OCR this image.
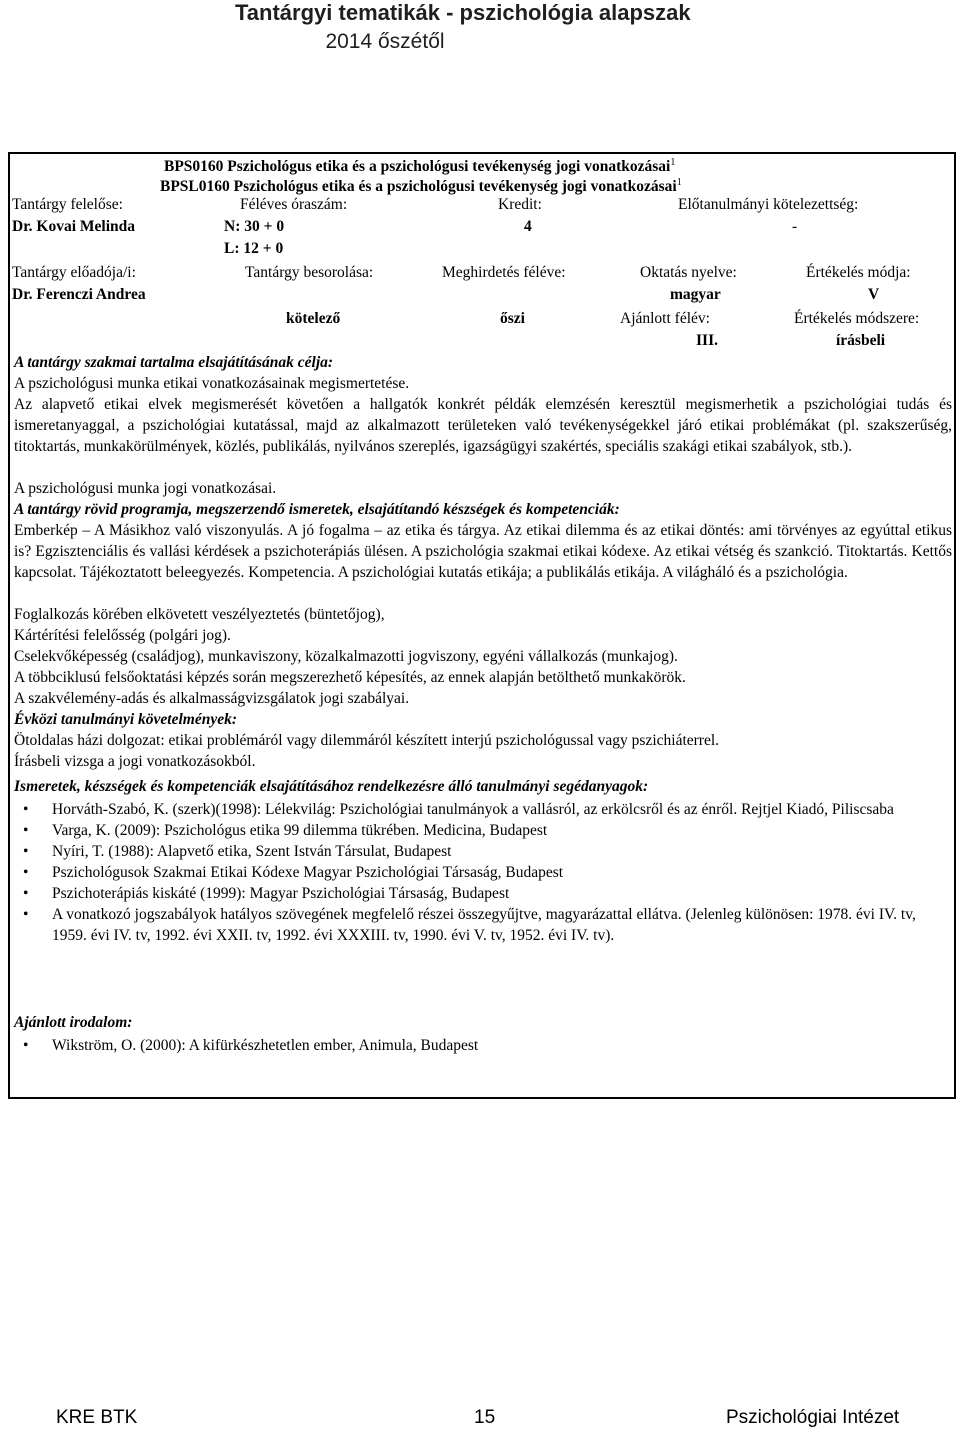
Tantárgyi tematikák - pszichológia alapszak
2014 őszétől
BPS0160 Pszichológus etika és a pszichológusi tevékenység jogi vonatkozásai$^1$
BPSL0160 Pszichológus etika és a pszichológusi tevékenység jogi vonatkozásai$^1$
Tantárgy felelőse:
Dr. Kovai Melinda
Féléves óraszám:
N: 30 + 0
L: 12 + 0
Kredit:
4
Előtanulmányi kötelezettség:
-
Tantárgy előadója/i:
Dr. Ferenczi Andrea
Tantárgy besorolása:
kötelező
Meghirdetés féléve:
őszi
Oktatás nyelve:
magyar
Ajánlott félév:
III.
Értékelés módja:
V
Értékelés módszere:
írásbeli
A tantárgy szakmai tartalma elsajátításának célja:
A pszichológusi munka etikai vonatkozásainak megismertetése.
Az alapvető etikai elvek megismerését követően a hallgatók konkrét példák elemzésén keresztül megismerhetik a pszichológiai tudás és ismeretanyaggal, a pszichológiai kutatással, majd az alkalmazott területeken való tevékenységekkel járó etikai problémákat (pl. szakszerűség, titoktartás, munkakörülmények, közlés, publikálás, nyilvános szereplés, igazságügyi szakértés, speciális szakági etikai szabályok, stb.).
A pszichológusi munka jogi vonatkozásai.
A tantárgy rövid programja, megszerzendő ismeretek, elsajátítandó készségek és kompetenciák:
Emberkép – A Másikhoz való viszonyulás. A jó fogalma – az etika és tárgya. Az etikai dilemma és az etikai döntés: ami törvényes az egyúttal etikus is? Egzisztenciális és vallási kérdések a pszichoterápiás ülésen. A pszichológia szakmai etikai kódexe. Az etikai vétség és szankció. Titoktartás. Kettős kapcsolat. Tájékoztatott beleegyezés. Kompetencia. A pszichológiai kutatás etikája; a publikálás etikája. A világháló és a pszichológia.
Foglalkozás körében elkövetett veszélyeztetés (büntetőjog),
Kártérítési felelősség (polgári jog).
Cselekvőképesség (családjog), munkaviszony, közalkalmazotti jogviszony, egyéni vállalkozás (munkajog).
A többciklusú felsőoktatási képzés során megszerezhető képesítés, az ennek alapján betölthető munkakörök.
A szakvélemény-adás és alkalmasságvizsgálatok jogi szabályai.
Évközi tanulmányi követelmények:
Ötoldalas házi dolgozat: etikai problémáról vagy dilemmáról készített interjú pszichológussal vagy pszichiáterrel.
Írásbeli vizsga a jogi vonatkozásokból.
Ismeretek, készségek és kompetenciák elsajátításához rendelkezésre álló tanulmányi segédanyagok:
• Horváth-Szabó, K. (szerk)(1998): Lélekvilág: Pszichológiai tanulmányok a vallásról, az erkölcsről és az énről. Rejtjel Kiadó, Piliscsaba
• Varga, K. (2009): Pszichológus etika 99 dilemma tükrében. Medicina, Budapest
• Nyíri, T. (1988): Alapvető etika, Szent István Társulat, Budapest
• Pszichológusok Szakmai Etikai Kódexe Magyar Pszichológiai Társaság, Budapest
• Pszichoterápiás kiskáté (1999): Magyar Pszichológiai Társaság, Budapest
• A vonatkozó jogszabályok hatályos szövegének megfelelő részei összegyűjtve, magyarázattal ellátva. (Jelenleg különösen: 1978. évi IV. tv, 1959. évi IV. tv, 1992. évi XXII. tv, 1992. évi XXXIII. tv, 1990. évi V. tv, 1952. évi IV. tv).
Ajánlott irodalom:
• Wikström, O. (2000): A kifürkészhetetlen ember, Animula, Budapest
KRE BTK	15	Pszichológiai Intézet
